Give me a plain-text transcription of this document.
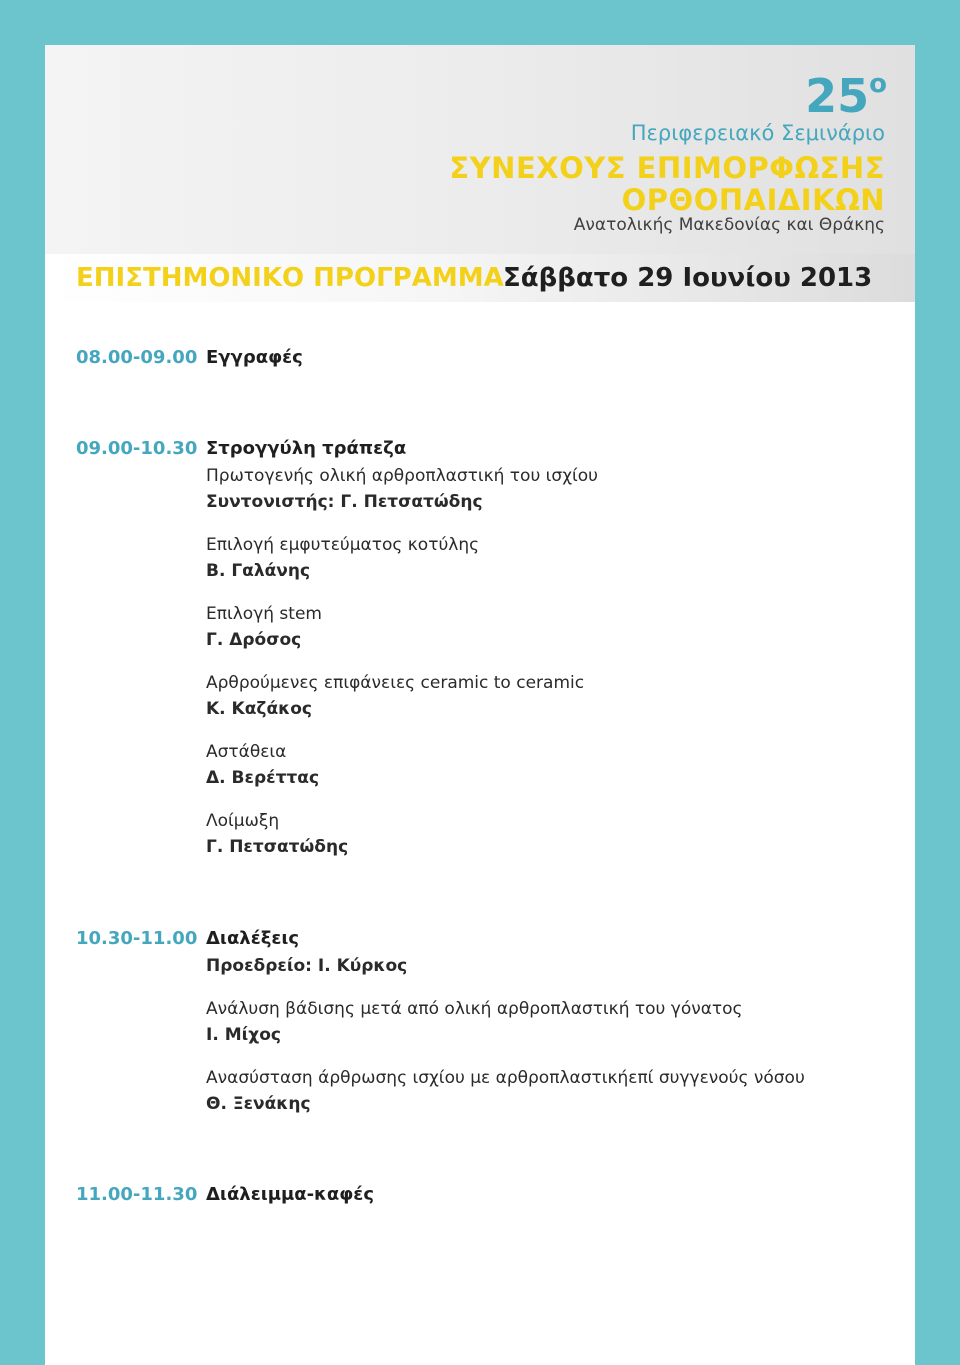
$25^o$
Περιφερειακό Σεμινάριο
ΣΥΝΕΧΟΥΣ ΕΠΙΜΟΡΦΩΣΗΣ
ΟΡΘΟΠΑΙΔΙΚΩΝ
Ανατολικής Μακεδονίας και Θράκης
ΕΠΙΣΤΗΜΟΝΙΚΟ ΠΡΟΓΡΑΜΜΑ Σάββατο 29 Ιουνίου 2013
08.00-09.00 Εγγραφές
09.00-10.30 Στρογγύλη τράπεζα
Πρωτογενής ολική αρθροπλαστική του ισχίου
Συντονιστής: Γ. Πετσατώδης
Επιλογή εμφυτεύματος κοτύλης
Β. Γαλάνης
Επιλογή stem
Γ. Δρόσος
Αρθρούμενες επιφάνειες ceramic to ceramic
Κ. Καζάκος
Αστάθεια
Δ. Βερέττας
Λοίμωξη
Γ. Πετσατώδης
10.30-11.00 Διαλέξεις
Προεδρείο: Ι. Κύρκος
Ανάλυση βάδισης μετά από ολική αρθροπλαστική του γόνατος
Ι. Μίχος
Ανασύσταση άρθρωσης ισχίου με αρθροπλαστικήεπί συγγενούς νόσου
Θ. Ξενάκης
11.00-11.30 Διάλειμμα-καφές
